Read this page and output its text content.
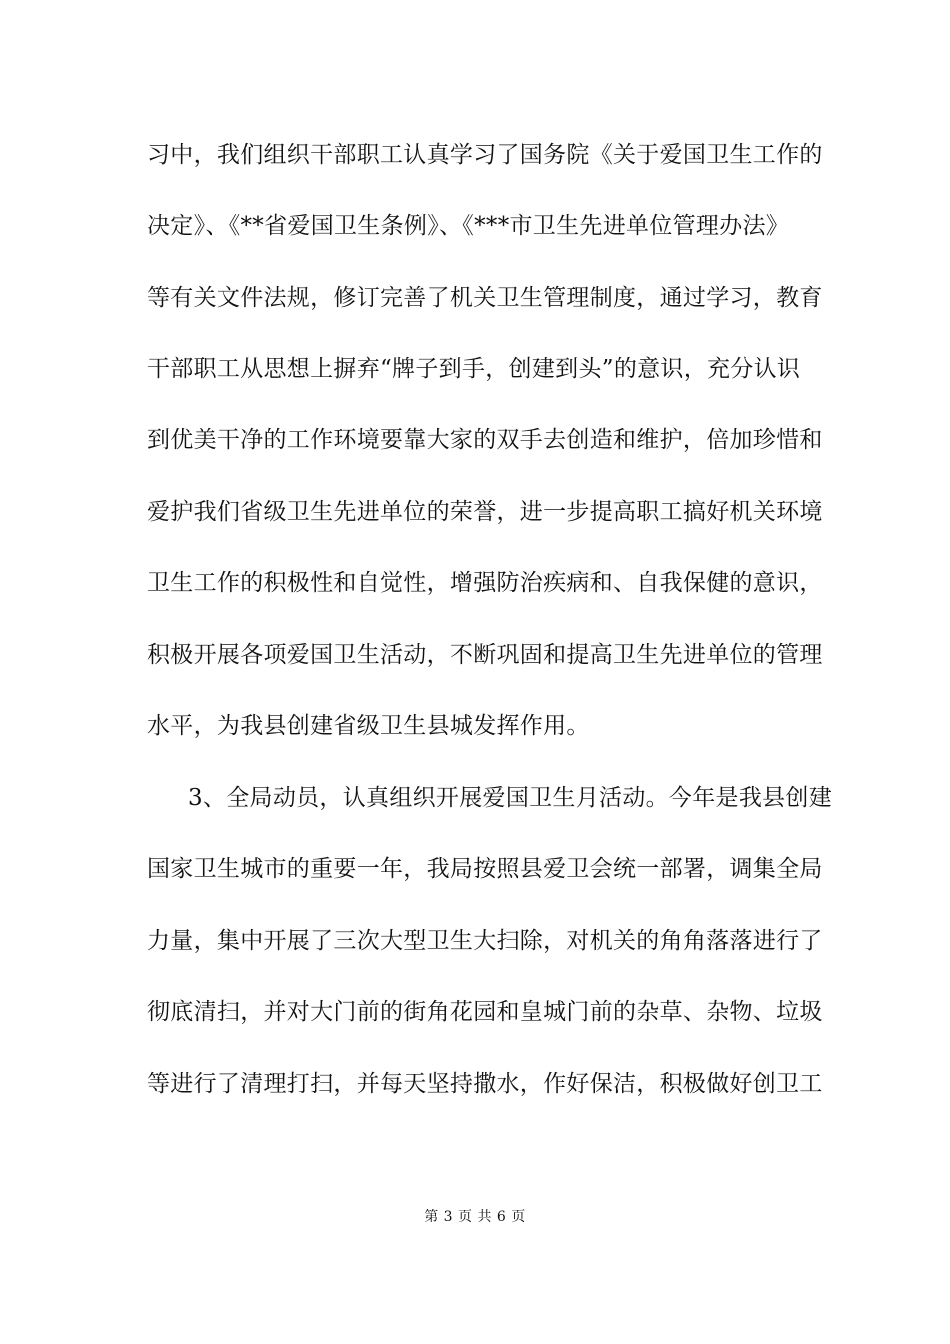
习中，我们组织干部职工认真学习了国务院《关于爱国卫生工作的
决定》、《**省爱国卫生条例》、《***市卫生先进单位管理办法》
等有关文件法规，修订完善了机关卫生管理制度，通过学习，教育
干部职工从思想上摒弃“牌子到手，创建到头”的意识，充分认识
到优美干净的工作环境要靠大家的双手去创造和维护，倍加珍惜和
爱护我们省级卫生先进单位的荣誉，进一步提高职工搞好机关环境
卫生工作的积极性和自觉性，增强防治疾病和、自我保健的意识，
积极开展各项爱国卫生活动，不断巩固和提高卫生先进单位的管理
水平，为我县创建省级卫生县城发挥作用。
3、全局动员，认真组织开展爱国卫生月活动。今年是我县创建
国家卫生城市的重要一年，我局按照县爱卫会统一部署，调集全局
力量，集中开展了三次大型卫生大扫除，对机关的角角落落进行了
彻底清扫，并对大门前的街角花园和皇城门前的杂草、杂物、垃圾
等进行了清理打扫，并每天坚持撒水，作好保洁，积极做好创卫工
第 3 页 共 6 页
